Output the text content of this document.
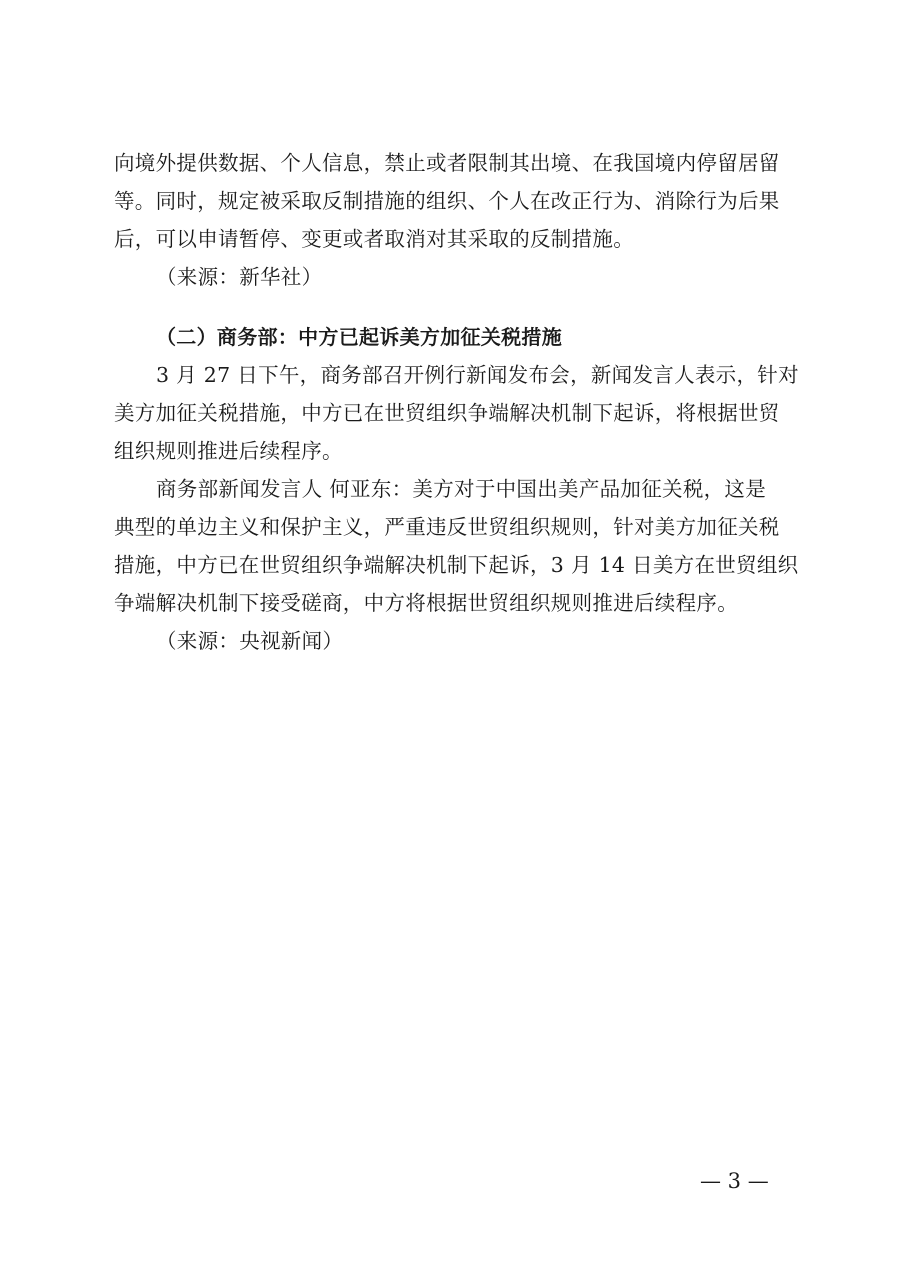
向境外提供数据、个人信息，禁止或者限制其出境、在我国境内停留居留
等。同时，规定被采取反制措施的组织、个人在改正行为、消除行为后果
后，可以申请暂停、变更或者取消对其采取的反制措施。
（来源：新华社）
（二）商务部：中方已起诉美方加征关税措施
3 月 27 日下午，商务部召开例行新闻发布会，新闻发言人表示，针对
美方加征关税措施，中方已在世贸组织争端解决机制下起诉，将根据世贸
组织规则推进后续程序。
商务部新闻发言人 何亚东：美方对于中国出美产品加征关税，这是
典型的单边主义和保护主义，严重违反世贸组织规则，针对美方加征关税
措施，中方已在世贸组织争端解决机制下起诉，3 月 14 日美方在世贸组织
争端解决机制下接受磋商，中方将根据世贸组织规则推进后续程序。
（来源：央视新闻）
— 3 —
